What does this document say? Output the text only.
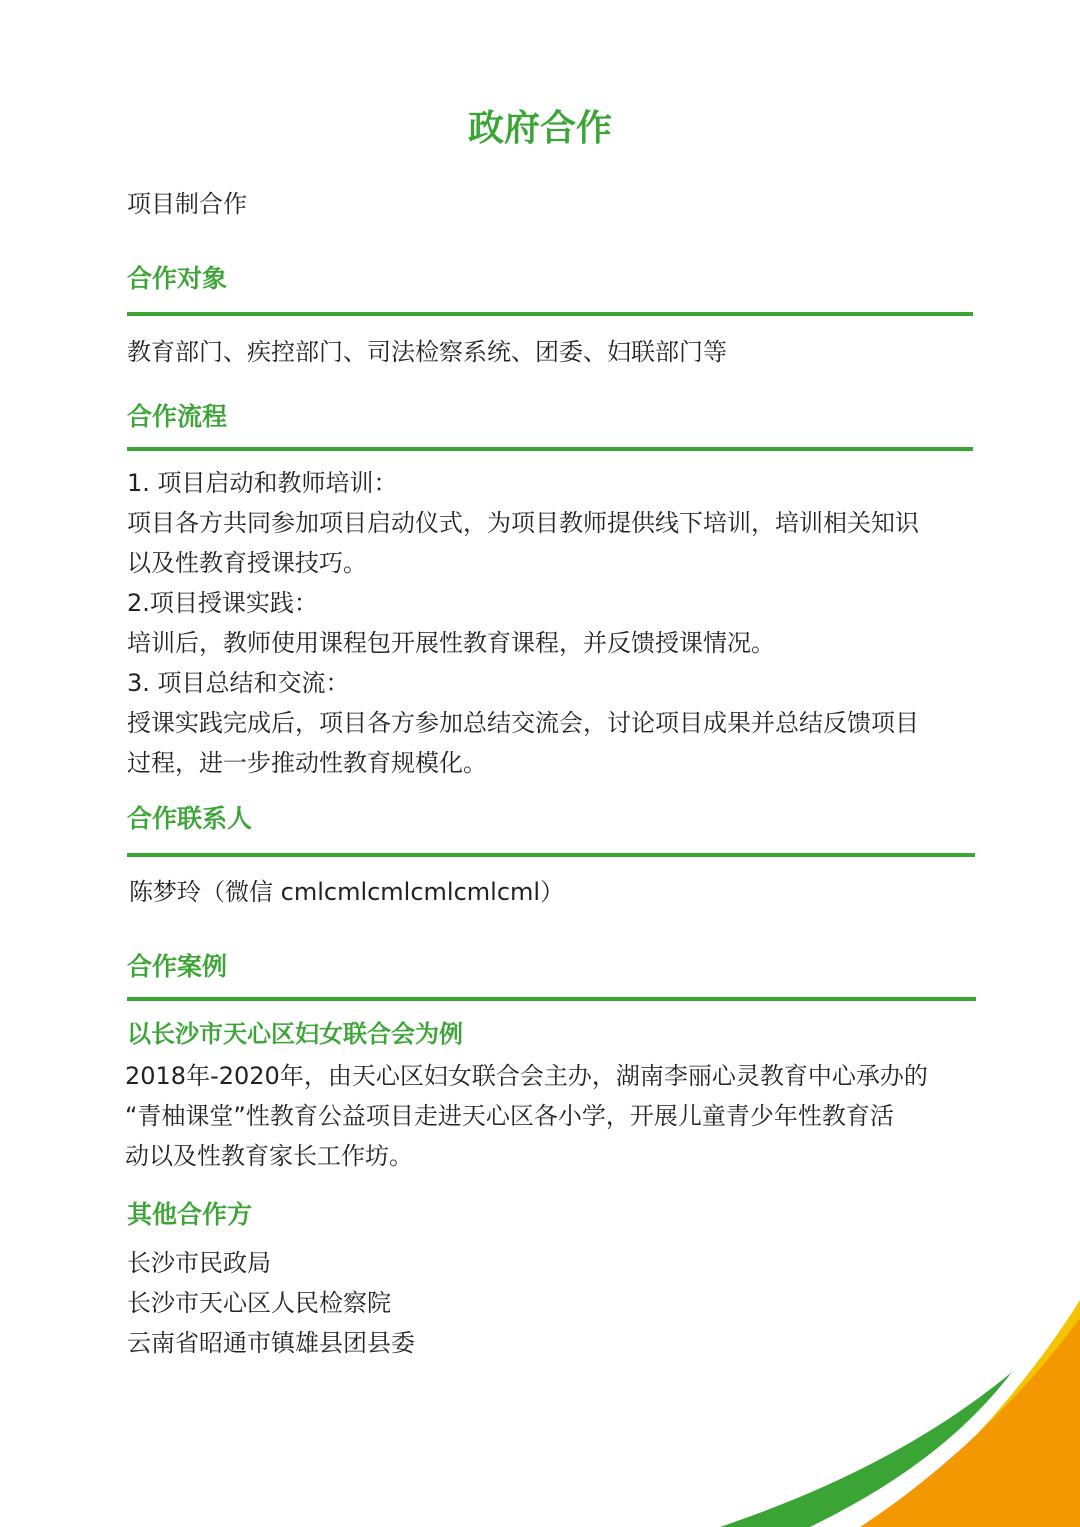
政府合作

项目制合作

合作对象

教育部门、疾控部门、司法检察系统、团委、妇联部门等

合作流程
1. 项目启动和教师培训：
项目各方共同参加项目启动仪式，为项目教师提供线下培训，培训相关知识
以及性教育授课技巧。
2.项目授课实践：
培训后，教师使用课程包开展性教育课程，并反馈授课情况。
3. 项目总结和交流：
授课实践完成后，项目各方参加总结交流会，讨论项目成果并总结反馈项目
过程，进一步推动性教育规模化。
合作联系人

陈梦玲（微信 cmlcmlcmlcmlcmlcml）

合作案例
以长沙市天心区妇女联合会为例
2018年-2020年，由天心区妇女联合会主办，湖南李丽心灵教育中心承办的
“青柚课堂”性教育公益项目走进天心区各小学，开展儿童青少年性教育活
动以及性教育家长工作坊。
其他合作方
长沙市民政局
长沙市天心区人民检察院
云南省昭通市镇雄县团县委
